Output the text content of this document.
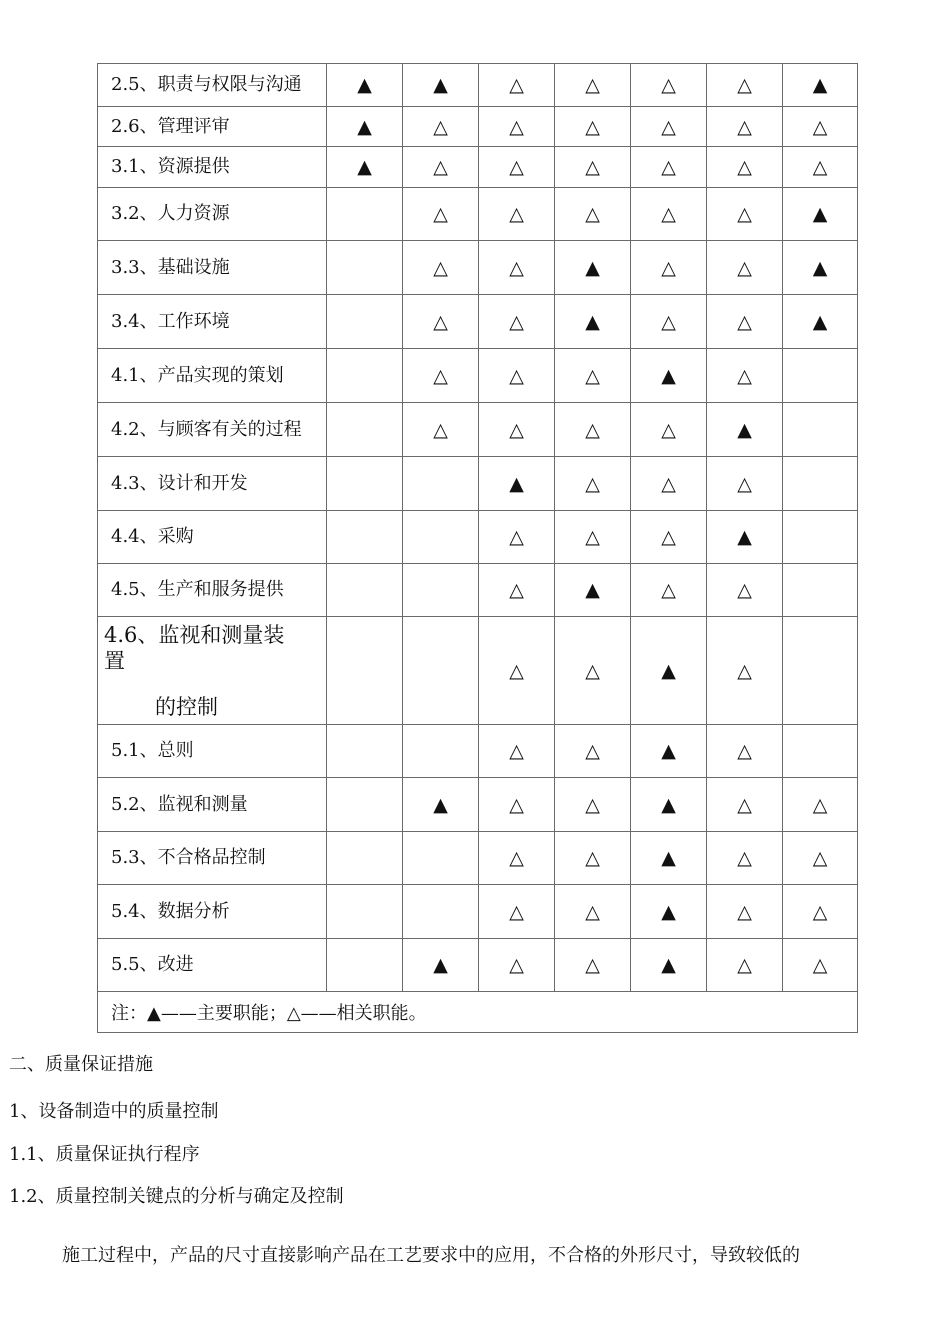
2.5、职责与权限与沟通	▲	▲	△	△	△	△	▲
2.6、管理评审	▲	△	△	△	△	△	△
3.1、资源提供	▲	△	△	△	△	△	△
3.2、人力资源		△	△	△	△	△	▲
3.3、基础设施		△	△	▲	△	△	▲
3.4、工作环境		△	△	▲	△	△	▲
4.1、产品实现的策划		△	△	△	▲	△	
4.2、与顾客有关的过程		△	△	△	△	▲	
4.3、设计和开发			▲	△	△	△	
4.4、采购			△	△	△	▲	
4.5、生产和服务提供			△	▲	△	△	

4.6、监视和测量装
置
的控制			△	△	▲	△	
5.1、总则			△	△	▲	△	
5.2、监视和测量		▲	△	△	▲	△	△
5.3、不合格品控制			△	△	▲	△	△
5.4、数据分析			△	△	▲	△	△
5.5、改进		▲	△	△	▲	△	△
注：▲——主要职能；△——相关职能。							

二、质量保证措施

1、设备制造中的质量控制

1.1、质量保证执行程序

1.2、质量控制关键点的分析与确定及控制

施工过程中，产品的尺寸直接影响产品在工艺要求中的应用，不合格的外形尺寸，导致较低的
